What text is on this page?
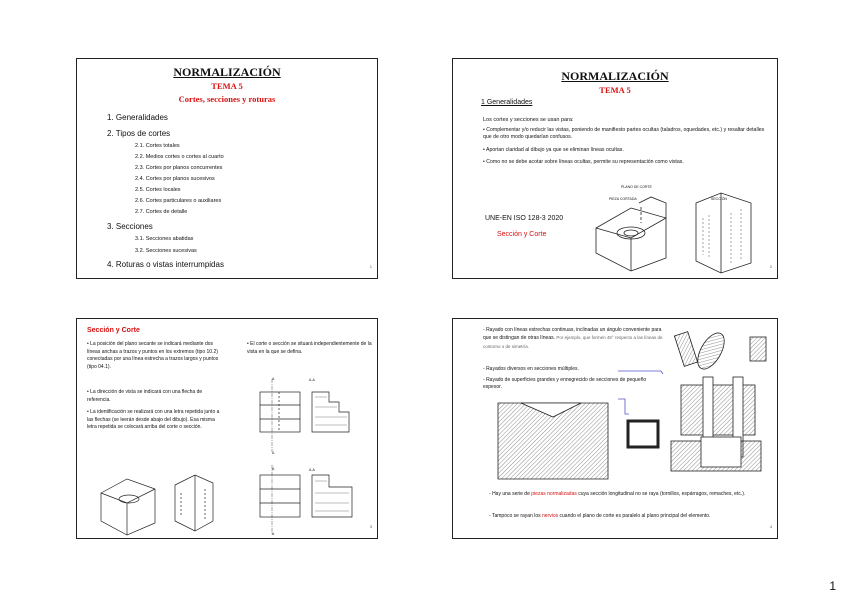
NORMALIZACIÓN
TEMA 5
Cortes, secciones y roturas
1. Generalidades
2. Tipos de cortes
2.1. Cortes totales
2.2. Medios cortes o cortes al cuarto
2.3. Cortes por planos concurrentes
2.4. Cortes por planos sucesivos
2.5. Cortes locales
2.6. Cortes particulares o auxiliares
2.7. Cortes de detalle
3. Secciones
3.1. Secciones abatidas
3.2. Secciones sucesivas
4. Roturas o vistas interrumpidas	1
NORMALIZACIÓN
TEMA 5
1 Generalidades
Los cortes y secciones se usan para:
• Complementar y/o reducir las vistas, poniendo de manifiesto partes ocultas (taladros, oquedades, etc.) y resaltar detalles que de otro modo quedarían confusos.
• Aportan claridad al dibujo ya que se eliminan líneas ocultas.
• Como no se debe acotar sobre líneas ocultas, permite su representación como vistas.
UNE-EN ISO 128-3 2020
Sección y Corte
PLANO DE CORTE
PIEZA CORTADA	SECCIÓN
2
Sección y Corte
• La posición del plano secante se indicará mediante dos líneas anchas a trazos y puntos en los extremos (tipo 10.2) conectadas por una línea estrecha a trazos largos y puntos (tipo 04.1).
• La dirección de vista se indicará con una flecha de referencia.
• La identificación se realizará con una letra repetida junto a las flechas (se leerán desde abajo del dibujo). Esa misma letra repetida se colocará arriba del corte o sección.
• El corte o sección se situará independientemente de la vista en la que se defina.
A-A
A-A
A
A
A
A
3
- Rayado con líneas estrechas continuas, inclinadas un ángulo conveniente para que se distingan de otras líneas. Por ejemplo, que formen 45° respecto a las líneas de contorno o de simetría.
- Rayados diversos en secciones múltiples.
- Rayado de superficies grandes y ennegrecido de secciones de pequeño espesor.
- Hay una serie de piezas normalizadas cuya sección longitudinal no se raya (tornillos, espárragos, remaches, etc.).
- Tampoco se rayan los nervios cuando el plano de corte es paralelo al plano principal del elemento.
4
1
